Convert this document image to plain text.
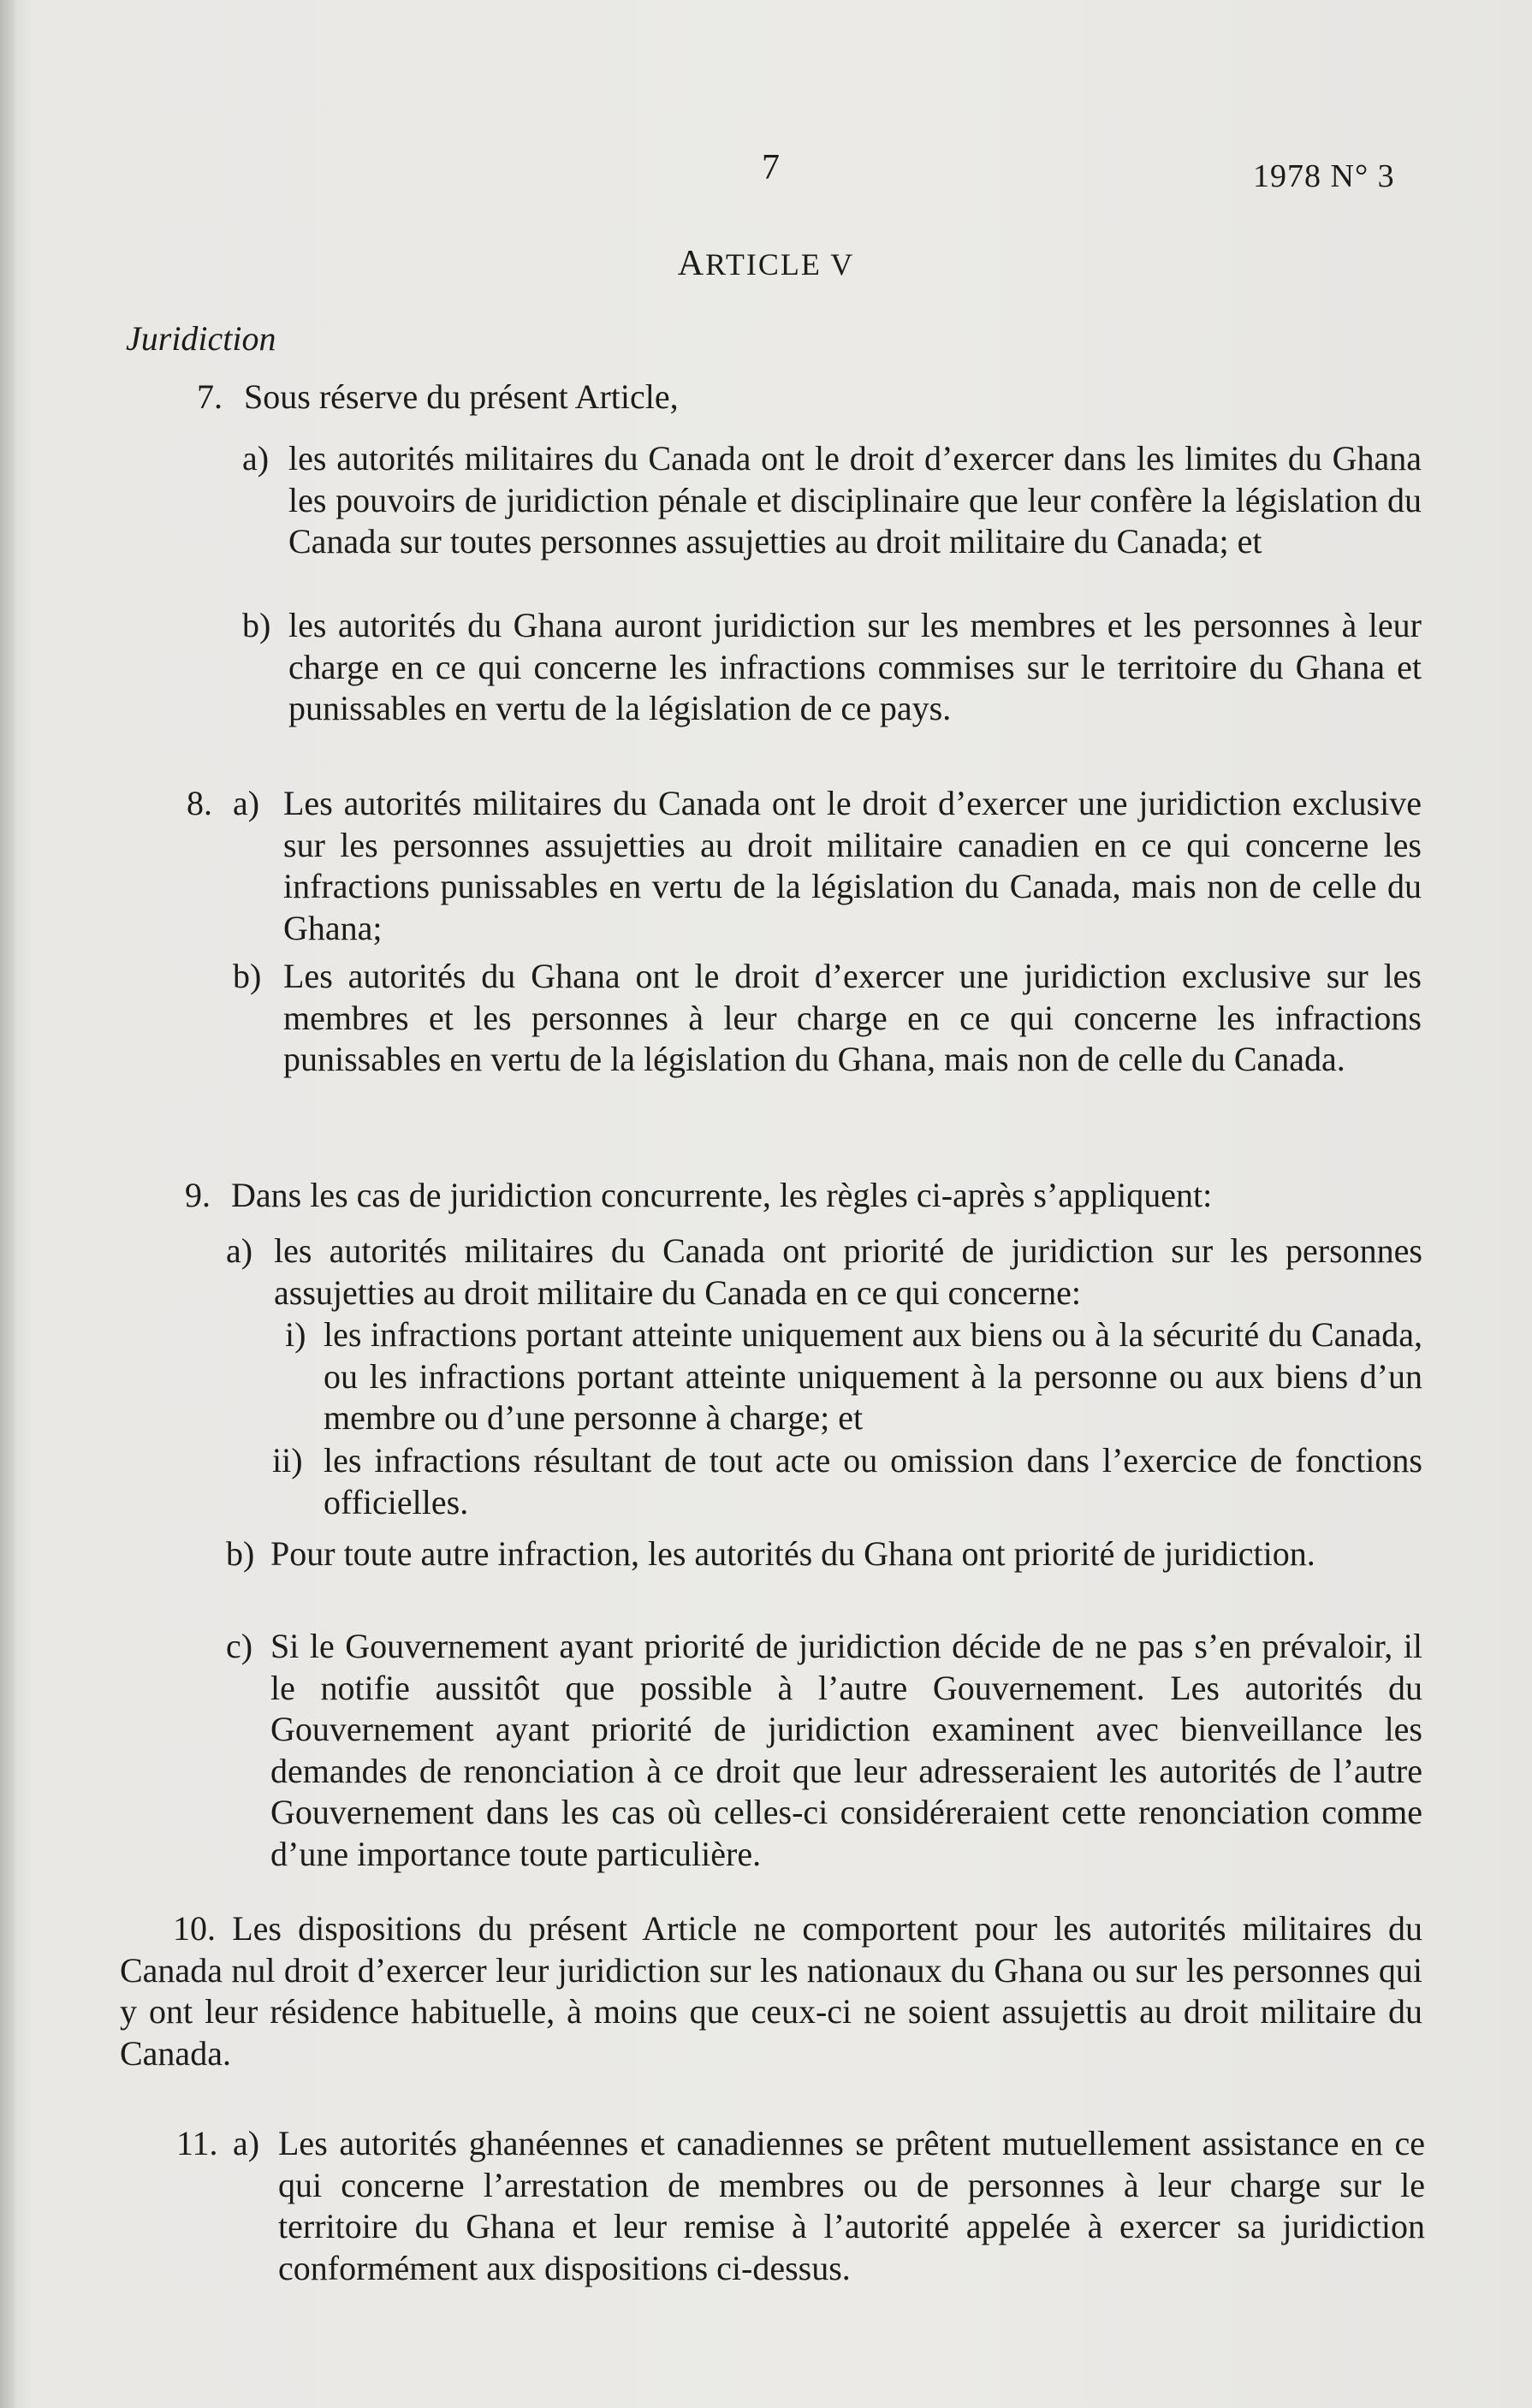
7	1978 N° 3
ARTICLE V
Juridiction
7. Sous réserve du présent Article,
a) les autorités militaires du Canada ont le droit d’exercer dans les limites du Ghana les pouvoirs de juridiction pénale et disciplinaire que leur confère la législation du Canada sur toutes personnes assujetties au droit militaire du Canada; et
b) les autorités du Ghana auront juridiction sur les membres et les personnes à leur charge en ce qui concerne les infractions commises sur le territoire du Ghana et punissables en vertu de la législation de ce pays.
8. a) Les autorités militaires du Canada ont le droit d’exercer une juridiction exclusive sur les personnes assujetties au droit militaire canadien en ce qui concerne les infractions punissables en vertu de la législation du Canada, mais non de celle du Ghana;
b) Les autorités du Ghana ont le droit d’exercer une juridiction exclusive sur les membres et les personnes à leur charge en ce qui concerne les infractions punissables en vertu de la législation du Ghana, mais non de celle du Canada.
9. Dans les cas de juridiction concurrente, les règles ci-après s’appliquent:
a) les autorités militaires du Canada ont priorité de juridiction sur les personnes assujetties au droit militaire du Canada en ce qui concerne:
i) les infractions portant atteinte uniquement aux biens ou à la sécurité du Canada, ou les infractions portant atteinte uniquement à la personne ou aux biens d’un membre ou d’une personne à charge; et
ii) les infractions résultant de tout acte ou omission dans l’exercice de fonctions officielles.
b) Pour toute autre infraction, les autorités du Ghana ont priorité de juridiction.
c) Si le Gouvernement ayant priorité de juridiction décide de ne pas s’en prévaloir, il le notifie aussitôt que possible à l’autre Gouvernement. Les autorités du Gouvernement ayant priorité de juridiction examinent avec bienveillance les demandes de renonciation à ce droit que leur adresseraient les autorités de l’autre Gouvernement dans les cas où celles-ci considéreraient cette renonciation comme d’une importance toute particulière.
10. Les dispositions du présent Article ne comportent pour les autorités militaires du Canada nul droit d’exercer leur juridiction sur les nationaux du Ghana ou sur les personnes qui y ont leur résidence habituelle, à moins que ceux-ci ne soient assujettis au droit militaire du Canada.
11. a) Les autorités ghanéennes et canadiennes se prêtent mutuellement assistance en ce qui concerne l’arrestation de membres ou de personnes à leur charge sur le territoire du Ghana et leur remise à l’autorité appelée à exercer sa juridiction conformément aux dispositions ci-dessus.
